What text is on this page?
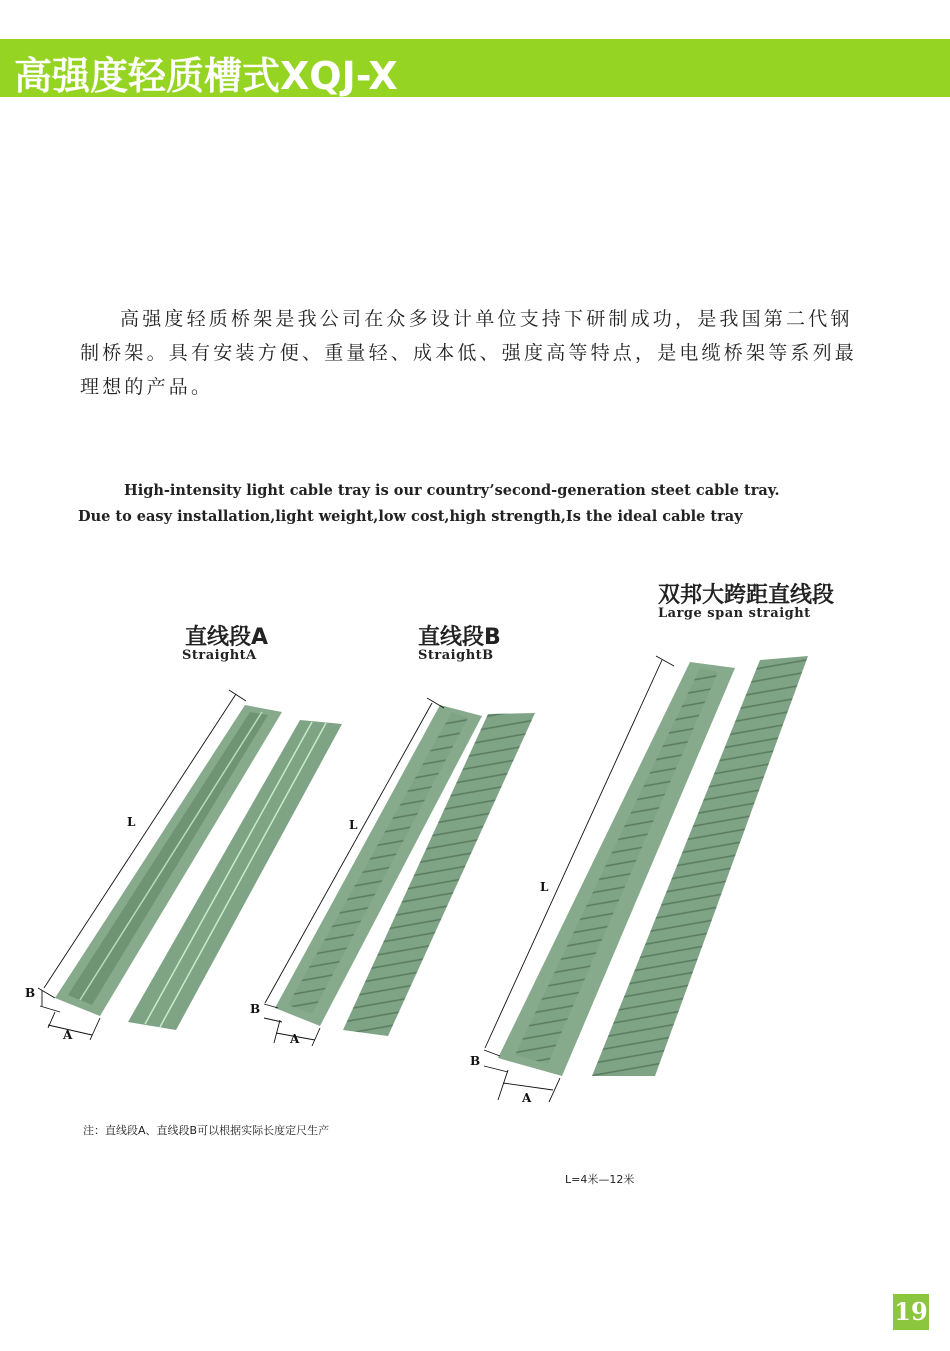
高强度轻质槽式XQJ-X

高强度轻质桥架是我公司在众多设计单位支持下研制成功，是我国第二代钢制桥架。具有安装方便、重量轻、成本低、强度高等特点，是电缆桥架等系列最理想的产品。

High-intensity light cable tray is our country’second-generation steet cable tray.

Due to easy installation,light weight,low cost,high strength,Is the ideal cable tray
L
B
A
L
B
A
L
B
A
直线段A
StraightA
直线段B
StraightB
双邦大跨距直线段
Large span straight
注：直线段A、直线段B可以根据实际长度定尺生产
L=4米—12米
19
